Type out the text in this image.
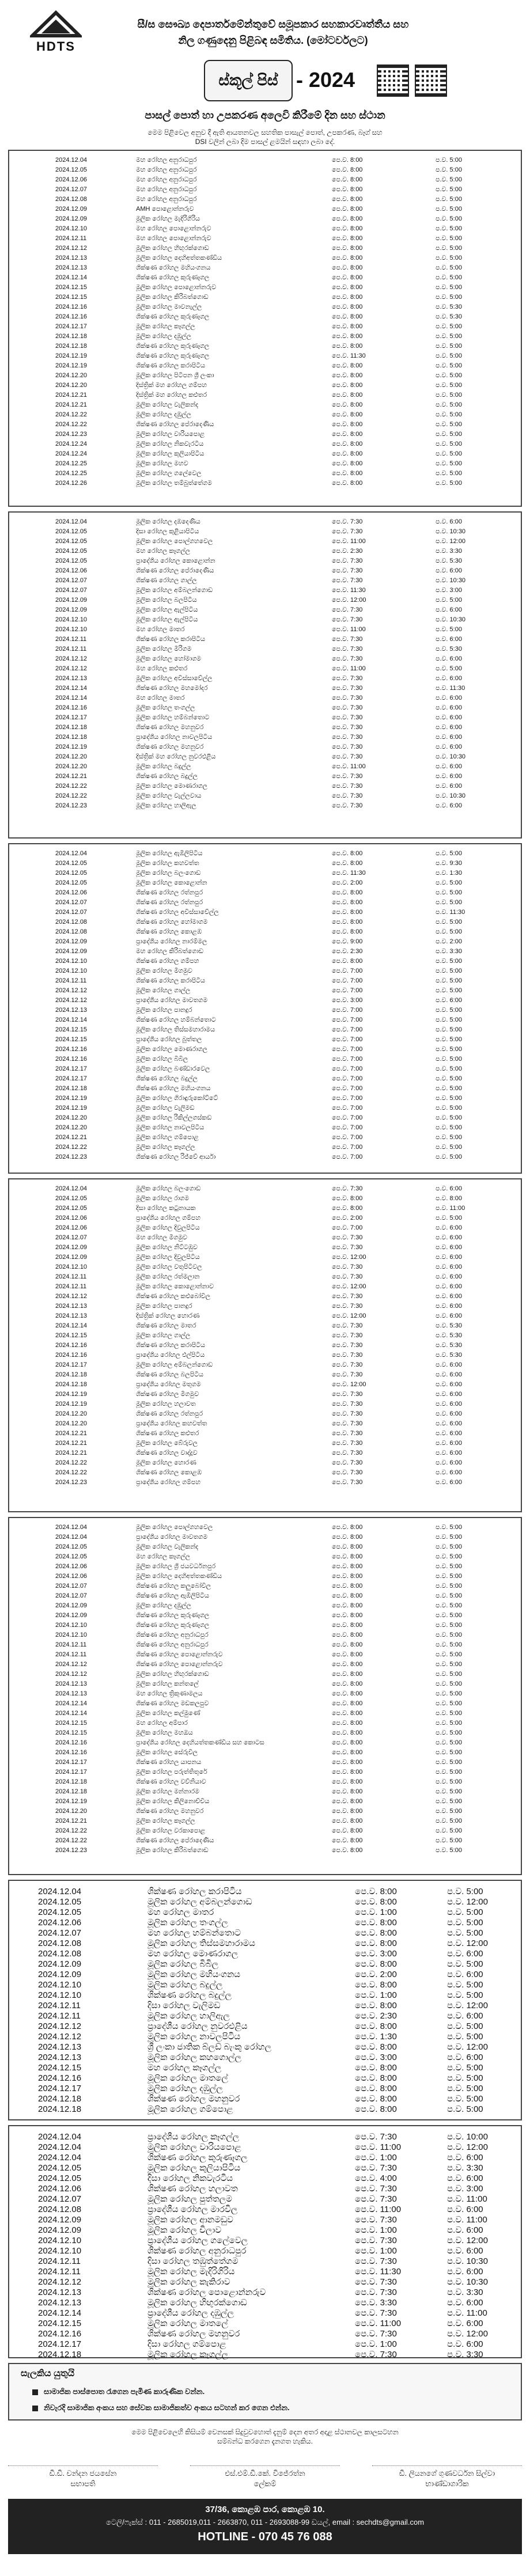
HDTS
සී/ස සෞඛ්‍ය දෙපාර්තමේන්තුවේ සමූපකාර සහකාරවෘත්තීය සහ
නිල ගණුදෙනු පිළිබඳ සමිතිය. (මෝටර්වලට)
ස්කූල් පිස් - 2024
පාසල් පොත් හා උපකරණ අලෙවි කිරීමේ දින සහ ස්ථාන
මෙම පිළිවෙල අනුව දී ඇති ආයතනවල සහතික පාසැල් පොත්, උපකරණ, බෑග් සහ
DSI වලින් ලබා දිම පාසල් ළමයින් සඳහා ලබා දේ.
2024.12.04	මහ රෝහල අනුරාධපුර	පෙ.ව. 8:00	ප.ව. 5:00
2024.12.05	මහ රෝහල අනුරාධපුර	පෙ.ව. 8:00	ප.ව. 5:00
2024.12.06	මහ රෝහල අනුරාධපුර	පෙ.ව. 8:00	ප.ව. 5:00
2024.12.07	මහ රෝහල අනුරාධපුර	පෙ.ව. 8:00	ප.ව. 5:00
2024.12.08	මහ රෝහල අනුරාධපුර	පෙ.ව. 8:00	ප.ව. 5:00
2024.12.09	AMH පොළොන්නරුව	පෙ.ව. 8:00	ප.ව. 5:00
2024.12.09	මූලික රෝහල මැදිරිගිරිය	පෙ.ව. 8:00	ප.ව. 5:00
2024.12.10	මහ රෝහල පොළොන්නරුව	පෙ.ව. 8:00	ප.ව. 5:00
2024.12.11	මහ රෝහල පොළොන්නරුව	පෙ.ව. 8:00	ප.ව. 5:00
2024.12.12	මූලික රෝහල හිඟුරක්ගොඩ	පෙ.ව. 8:00	ප.ව. 5:00
2024.12.13	මූලික රෝහල දෙහිඅත්තකණ්ඩිය	පෙ.ව. 8:00	ප.ව. 5:00
2024.12.13	ශික්ෂණ රෝහල මහියංගනය	පෙ.ව. 8:00	ප.ව. 5:00
2024.12.14	ශික්ෂණ රෝහල කුරුණෑගල	පෙ.ව. 8:00	ප.ව. 5:00
2024.12.15	මූලික රෝහල පොළොන්නරුව	පෙ.ව. 8:00	ප.ව. 5:00
2024.12.15	මූලික රෝහල කිරිබත්ගොඩ	පෙ.ව. 8:00	ප.ව. 5:00
2024.12.16	මූලික රෝහල මාවනැල්ල	පෙ.ව. 8:00	ප.ව. 5:30
2024.12.16	ශික්ෂණ රෝහල කුරුණෑගල	පෙ.ව. 8:00	ප.ව. 5:30
2024.12.17	මූලික රෝහල කෑගල්ල	පෙ.ව. 8:00	ප.ව. 5:00
2024.12.18	මූලික රෝහල දඹුල්ල	පෙ.ව. 8:00	ප.ව. 5:00
2024.12.18	ශික්ෂණ රෝහල කුරුණෑගල	පෙ.ව. 8:00	ප.ව. 5:00
2024.12.19	ශික්ෂණ රෝහල කුරුණෑගල	පෙ.ව. 11:30	ප.ව. 5:00
2024.12.19	ශික්ෂණ රෝහල කරාපිටිය	පෙ.ව. 8:00	ප.ව. 5:00
2024.12.20	මූලික රෝහල පිටිපන ශ්‍රී ලංකා	පෙ.ව. 8:00	ප.ව. 5:00
2024.12.20	දිස්ත්‍රික් මහ රෝහල ගම්පහ	පෙ.ව. 8:00	ප.ව. 5:00
2024.12.21	දිස්ත්‍රික් මහ රෝහල කළුතර	පෙ.ව. 8:00	ප.ව. 5:00
2024.12.21	මූලික රෝහල වැලිකන්ද	පෙ.ව. 8:00	ප.ව. 5:00
2024.12.22	මූලික රෝහල දඹුල්ල	පෙ.ව. 8:00	ප.ව. 5:00
2024.12.22	ශික්ෂණ රෝහල පේරාදෙණිය	පෙ.ව. 8:00	ප.ව. 5:00
2024.12.23	මූලික රෝහල වාරියපොළ	පෙ.ව. 8:00	ප.ව. 5:00
2024.12.24	මූලික රෝහල නිකවැරටිය	පෙ.ව. 8:00	ප.ව. 5:00
2024.12.24	මූලික රෝහල කුලියාපිටිය	පෙ.ව. 8:00	ප.ව. 5:00
2024.12.25	මූලික රෝහල මහව	පෙ.ව. 8:00	ප.ව. 5:00
2024.12.25	මූලික රෝහල ගලේවෙල	පෙ.ව. 8:00	ප.ව. 5:00
2024.12.26	මූලික රෝහල තම්බුත්තේගම	පෙ.ව. 8:00	ප.ව. 5:00
2024.12.04	මූලික රෝහල දඹදෙණිය	පෙ.ව. 7:30	ප.ව. 6:00
2024.12.05	දිසා රෝහල කුළියාපිටිය	පෙ.ව. 7:30	ප.ව. 10:30
2024.12.05	මූලික රෝහල පොල්ගහවෙල	පෙ.ව. 11:00	ප.ව. 12:00
2024.12.05	මහ රෝහල කෑගල්ල	පෙ.ව. 2:30	ප.ව. 3:30
2024.12.05	ප්‍රාදේශීය රෝහල කොළොන්න	පෙ.ව. 7:30	ප.ව. 5:30
2024.12.06	ශික්ෂණ රෝහල පේරාදෙණිය	පෙ.ව. 7:30	ප.ව. 6:00
2024.12.07	ශික්ෂණ රෝහල ගාල්ල	පෙ.ව. 7:30	ප.ව. 10:30
2024.12.07	මූලික රෝහල අම්බලන්ගොඩ	පෙ.ව. 11:30	ප.ව. 3:00
2024.12.09	මූලික රෝහල බලපිටිය	පෙ.ව. 12:00	ප.ව. 5:00
2024.12.09	මූලික රෝහල ඇල්පිටිය	පෙ.ව. 7:30	ප.ව. 6:00
2024.12.10	මූලික රෝහල ඇල්පිටිය	පෙ.ව. 7:30	ප.ව. 10:30
2024.12.10	මහ රෝහල මාතර	පෙ.ව. 11:00	ප.ව. 5:00
2024.12.11	ශික්ෂණ රෝහල කරාපිටිය	පෙ.ව. 7:30	ප.ව. 6:00
2024.12.11	මූලික රෝහල මීරිගම	පෙ.ව. 7:30	ප.ව. 5:30
2024.12.12	මූලික රෝහල හෝමාගම	පෙ.ව. 7:30	ප.ව. 6:00
2024.12.12	මහ රෝහල කළුතර	පෙ.ව. 11:00	ප.ව. 5:00
2024.12.13	මූලික රෝහල අවිස්සාවේල්ල	පෙ.ව. 7:30	ප.ව. 6:00
2024.12.14	ශික්ෂණ රෝහල මහමෝදර	පෙ.ව. 7:30	ප.ව. 11:30
2024.12.14	මහ රෝහල මාතර	පෙ.ව. 7:30	ප.ව. 6:00
2024.12.16	මූලික රෝහල තංගල්ල	පෙ.ව. 7:30	ප.ව. 6:00
2024.12.17	මූලික රෝහල හම්බන්තොට	පෙ.ව. 7:30	ප.ව. 6:00
2024.12.18	ශික්ෂණ රෝහල මහනුවර	පෙ.ව. 7:30	ප.ව. 6:00
2024.12.18	ප්‍රාදේශීය රෝහල නාවලපිටිය	පෙ.ව. 7:30	ප.ව. 6:00
2024.12.19	ශික්ෂණ රෝහල මහනුවර	පෙ.ව. 7:30	ප.ව. 6:00
2024.12.20	දිස්ත්‍රික් මහ රෝහල නුවරඑළිය	පෙ.ව. 7:30	ප.ව. 10:30
2024.12.20	මූලික රෝහල බදුල්ල	පෙ.ව. 11:00	ප.ව. 6:00
2024.12.21	ශික්ෂණ රෝහල බදුල්ල	පෙ.ව. 7:30	ප.ව. 6:00
2024.12.22	මූලික රෝහල මොණරාගල	පෙ.ව. 7:30	ප.ව. 6:00
2024.12.22	මූලික රෝහල වැල්ලවාය	පෙ.ව. 7:30	ප.ව. 10:30
2024.12.23	මූලික රෝහල හාලිඇල	පෙ.ව. 7:30	ප.ව. 6:00
2024.12.04	මූලික රෝහල ඇඹිලිපිටිය	පෙ.ව. 8:00	ප.ව. 5:00
2024.12.05	මූලික රෝහල කහවත්ත	පෙ.ව. 8:00	ප.ව. 9:30
2024.12.05	මූලික රෝහල බලංගොඩ	පෙ.ව. 11:30	ප.ව. 1:30
2024.12.05	මූලික රෝහල කොළොන්න	පෙ.ව. 2:00	ප.ව. 5:00
2024.12.06	ශික්ෂණ රෝහල රත්නපුර	පෙ.ව. 8:00	ප.ව. 5:00
2024.12.07	ශික්ෂණ රෝහල රත්නපුර	පෙ.ව. 8:00	ප.ව. 5:00
2024.12.07	ශික්ෂණ රෝහල අවිස්සාවේල්ල	පෙ.ව. 8:00	ප.ව. 11:30
2024.12.08	ශික්ෂණ රෝහල හෝමාගම	පෙ.ව. 8:00	ප.ව. 5:00
2024.12.08	ශික්ෂණ රෝහල කොළඹ	පෙ.ව. 8:00	ප.ව. 5:00
2024.12.09	ප්‍රාදේශීය රෝහල නාරම්මල	පෙ.ව. 9:00	ප.ව. 2:00
2024.12.09	මහ රෝහල කිරිබත්ගොඩ	පෙ.ව. 2:30	ප.ව. 3:30
2024.12.10	ශික්ෂණ රෝහල ගම්පහ	පෙ.ව. 8:00	ප.ව. 5:00
2024.12.10	මූලික රෝහල මීගමුව	පෙ.ව. 7:00	ප.ව. 5:00
2024.12.11	ශික්ෂණ රෝහල කරාපිටිය	පෙ.ව. 7:00	ප.ව. 5:00
2024.12.12	මූලික රෝහල ගාල්ල	පෙ.ව. 7:00	ප.ව. 5:00
2024.12.12	ප්‍රාදේශීය රෝහල මාවතගම	පෙ.ව. 3:00	ප.ව. 6:00
2024.12.13	මූලික රෝහල පානදුර	පෙ.ව. 7:00	ප.ව. 5:00
2024.12.14	ශික්ෂණ රෝහල හම්බන්තොට	පෙ.ව. 7:00	ප.ව. 5:00
2024.12.15	මූලික රෝහල තිස්සමහාරාමය	පෙ.ව. 7:00	ප.ව. 5:00
2024.12.15	ප්‍රාදේශීය රෝහල බුත්තල	පෙ.ව. 7:00	ප.ව. 5:00
2024.12.16	මූලික රෝහල මොණරාගල	පෙ.ව. 7:00	ප.ව. 5:00
2024.12.16	මූලික රෝහල බිබිල	පෙ.ව. 7:00	ප.ව. 5:00
2024.12.17	මූලික රෝහල බණ්ඩාරවෙල	පෙ.ව. 7:00	ප.ව. 5:00
2024.12.17	ශික්ෂණ රෝහල බදුල්ල	පෙ.ව. 7:00	ප.ව. 5:00
2024.12.18	ශික්ෂණ රෝහල මහියංගනය	පෙ.ව. 7:00	ප.ව. 5:00
2024.12.19	මූලික රෝහල ගිරාඳුරුකෝට්ටේ	පෙ.ව. 7:00	ප.ව. 5:00
2024.12.19	මූලික රෝහල වැලිමඩ	පෙ.ව. 7:00	ප.ව. 5:00
2024.12.20	මූලික රෝහල රිකිල්ලගස්කඩ	පෙ.ව. 7:00	ප.ව. 5:00
2024.12.20	මූලික රෝහල නාවලපිටිය	පෙ.ව. 7:00	ප.ව. 5:00
2024.12.21	මූලික රෝහල ගම්පොළ	පෙ.ව. 7:00	ප.ව. 5:00
2024.12.22	මූලික රෝහල කෑගල්ල	පෙ.ව. 7:00	ප.ව. 5:00
2024.12.23	ශික්ෂණ රෝහල රිජ්වේ ආර්යා	පෙ.ව. 7:00	ප.ව. 5:00
2024.12.04	මූලික රෝහල බලංගොඩ	පෙ.ව. 7:30	ප.ව. 6:00
2024.12.05	මූලික රෝහල රාගම	පෙ.ව. 8:00	ප.ව. 8:00
2024.12.05	දිසා රෝහල කටුනායක	පෙ.ව. 8:00	ප.ව. 11:00
2024.12.06	ප්‍රාදේශීය රෝහල ගම්පහ	පෙ.ව. 2:00	ප.ව. 5:00
2024.12.06	මූලික රෝහල දිවුලපිටිය	පෙ.ව. 7:00	ප.ව. 6:00
2024.12.07	මහ රෝහල මීගමුව	පෙ.ව. 7:30	ප.ව. 6:00
2024.12.09	මූලික රෝහල නිට්ටඹුව	පෙ.ව. 7:30	ප.ව. 6:00
2024.12.09	මූලික රෝහල දිවුලපිටිය	පෙ.ව. 12:00	ප.ව. 6:00
2024.12.10	මූලික රෝහල වතුපිටිවල	පෙ.ව. 7:30	ප.ව. 6:00
2024.12.11	මූලික රෝහල රත්මලාන	පෙ.ව. 7:30	ප.ව. 6:00
2024.12.11	මූලික රෝහල කොළොන්නාව	පෙ.ව. 12:00	ප.ව. 6:00
2024.12.12	ශික්ෂණ රෝහල කළුබෝවිල	පෙ.ව. 7:30	ප.ව. 6:00
2024.12.13	මූලික රෝහල පානදුර	පෙ.ව. 7:30	ප.ව. 6:00
2024.12.13	දිස්ත්‍රික් රෝහල හොරණ	පෙ.ව. 12:00	ප.ව. 6:00
2024.12.14	ශික්ෂණ රෝහල මාතර	පෙ.ව. 7:30	ප.ව. 5:30
2024.12.15	මූලික රෝහල ගාල්ල	පෙ.ව. 7:30	ප.ව. 5:30
2024.12.16	ශික්ෂණ රෝහල කරාපිටිය	පෙ.ව. 7:30	ප.ව. 5:30
2024.12.16	ප්‍රාදේශීය රෝහල එල්පිටිය	පෙ.ව. 7:30	ප.ව. 5:30
2024.12.17	මූලික රෝහල අම්බලන්ගොඩ	පෙ.ව. 7:30	ප.ව. 6:00
2024.12.18	ශික්ෂණ රෝහල බලපිටිය	පෙ.ව. 7:30	ප.ව. 6:00
2024.12.18	ප්‍රාදේශීය රෝහල මතුගම	පෙ.ව. 12:00	ප.ව. 6:00
2024.12.19	ශික්ෂණ රෝහල මීගමුව	පෙ.ව. 7:30	ප.ව. 6:00
2024.12.19	මූලික රෝහල හලාවත	පෙ.ව. 7:30	ප.ව. 6:00
2024.12.20	ශික්ෂණ රෝහල රත්නපුර	පෙ.ව. 7:30	ප.ව. 6:00
2024.12.20	ප්‍රාදේශීය රෝහල කහවත්ත	පෙ.ව. 7:30	ප.ව. 6:00
2024.12.21	ශික්ෂණ රෝහල කළුතර	පෙ.ව. 7:30	ප.ව. 6:00
2024.12.21	මූලික රෝහල බේරුවල	පෙ.ව. 7:30	ප.ව. 6:00
2024.12.21	ශික්ෂණ රෝහල වාද්දුව	පෙ.ව. 7:30	ප.ව. 6:00
2024.12.22	මූලික රෝහල හොරණ	පෙ.ව. 7:30	ප.ව. 6:00
2024.12.22	ශික්ෂණ රෝහල කොළඹ	පෙ.ව. 7:30	ප.ව. 6:00
2024.12.23	ප්‍රාදේශීය රෝහල ගම්පහ	පෙ.ව. 7:30	ප.ව. 6:00
2024.12.04	මූලික රෝහල පොල්ගහවෙල	පෙ.ව. 8:00	ප.ව. 5:00
2024.12.04	ප්‍රාදේශීය රෝහල මාවතගම	පෙ.ව. 8:00	ප.ව. 5:00
2024.12.05	මූලික රෝහල වැලිකන්ද	පෙ.ව. 8:00	ප.ව. 5:00
2024.12.05	මහ රෝහල කෑගල්ල	පෙ.ව. 8:00	ප.ව. 5:00
2024.12.06	මූලික රෝහල ශ්‍රී ජයවර්ධනපුර	පෙ.ව. 8:00	ප.ව. 5:00
2024.12.06	මූලික රෝහල දෙහිඅත්තකණ්ඩිය	පෙ.ව. 8:00	ප.ව. 5:00
2024.12.07	ශික්ෂණ රෝහල කලුබෝවිල	පෙ.ව. 8:00	ප.ව. 5:00
2024.12.07	ශික්ෂණ රෝහල ඇඹිලිපිටිය	පෙ.ව. 8:00	ප.ව. 5:00
2024.12.09	මූලික රෝහල දඹුල්ල	පෙ.ව. 8:00	ප.ව. 5:00
2024.12.09	ශික්ෂණ රෝහල කුරුණෑගල	පෙ.ව. 8:00	ප.ව. 5:00
2024.12.10	ශික්ෂණ රෝහල කුරුණෑගල	පෙ.ව. 8:00	ප.ව. 5:00
2024.12.10	ශික්ෂණ රෝහල අනුරාධපුර	පෙ.ව. 8:00	ප.ව. 5:00
2024.12.11	ශික්ෂණ රෝහල අනුරාධපුර	පෙ.ව. 8:00	ප.ව. 5:00
2024.12.11	ශික්ෂණ රෝහල පොළොන්නරුව	පෙ.ව. 8:00	ප.ව. 5:00
2024.12.12	ශික්ෂණ රෝහල පොළොන්නරුව	පෙ.ව. 8:00	ප.ව. 5:00
2024.12.12	මූලික රෝහල හිඟුරක්ගොඩ	පෙ.ව. 8:00	ප.ව. 5:00
2024.12.13	මූලික රෝහල කන්තලේ	පෙ.ව. 8:00	ප.ව. 5:00
2024.12.13	මහ රෝහල ත්‍රිකුණාමලය	පෙ.ව. 8:00	ප.ව. 5:00
2024.12.14	ශික්ෂණ රෝහල මඩකලපුව	පෙ.ව. 8:00	ප.ව. 5:00
2024.12.14	මූලික රෝහල කල්මුණේ	පෙ.ව. 8:00	ප.ව. 5:00
2024.12.15	මහ රෝහල අම්පාර	පෙ.ව. 8:00	ප.ව. 5:00
2024.12.15	මූලික රෝහල මහඔය	පෙ.ව. 8:00	ප.ව. 5:00
2024.12.16	ප්‍රාදේශීය රෝහල දෙහියත්තකණ්ඩිය සහ කොටස	පෙ.ව. 8:00	ප.ව. 5:00
2024.12.16	මූලික රෝහල සේරුවිල	පෙ.ව. 8:00	ප.ව. 5:00
2024.12.17	ශික්ෂණ රෝහල යාපනය	පෙ.ව. 8:00	ප.ව. 5:00
2024.12.17	මූලික රෝහල පරුත්තිතුරේ	පෙ.ව. 8:00	ප.ව. 5:00
2024.12.18	ශික්ෂණ රෝහල වව්නියාව	පෙ.ව. 8:00	ප.ව. 5:00
2024.12.18	මූලික රෝහල මන්නාරම	පෙ.ව. 8:00	ප.ව. 5:00
2024.12.19	මූලික රෝහල කිලිනොච්චිය	පෙ.ව. 8:00	ප.ව. 5:00
2024.12.20	ශික්ෂණ රෝහල මහනුවර	පෙ.ව. 8:00	ප.ව. 5:00
2024.12.21	මූලික රෝහල කෑගල්ල	පෙ.ව. 8:00	ප.ව. 5:00
2024.12.22	මූලික රෝහල වරකාපොළ	පෙ.ව. 8:00	ප.ව. 5:00
2024.12.22	ශික්ෂණ රෝහල පේරාදෙණිය	පෙ.ව. 8:00	ප.ව. 5:00
2024.12.23	මූලික රෝහල කිරිබත්ගොඩ	පෙ.ව. 8:00	ප.ව. 5:00
2024.12.04	ශික්ෂණ රෝහල කරාපිටිය	පෙ.ව. 8:00	ප.ව. 5:00
2024.12.05	මූලික රෝහල අම්බලන්ගොඩ	පෙ.ව. 8:00	ප.ව. 12:00
2024.12.05	මහ රෝහල මාතර	පෙ.ව. 1:00	ප.ව. 5:00
2024.12.06	මූලික රෝහල තංගල්ල	පෙ.ව. 8:00	ප.ව. 5:00
2024.12.07	මහ රෝහල හම්බන්තොට	පෙ.ව. 8:00	ප.ව. 5:00
2024.12.08	මූලික රෝහල තිස්සමහාරාමය	පෙ.ව. 8:00	ප.ව. 12:00
2024.12.08	මහ රෝහල මොණරාගල	පෙ.ව. 3:00	ප.ව. 6:00
2024.12.09	මූලික රෝහල බිබිල	පෙ.ව. 8:00	ප.ව. 5:00
2024.12.09	මූලික රෝහල මහියංගනය	පෙ.ව. 2:00	ප.ව. 6:00
2024.12.10	මූලික රෝහල බදුල්ල	පෙ.ව. 8:00	ප.ව. 5:00
2024.12.10	ශික්ෂණ රෝහල බදුල්ල	පෙ.ව. 1:00	ප.ව. 5:00
2024.12.11	දිසා රෝහල වැලිමඩ	පෙ.ව. 8:00	ප.ව. 12:00
2024.12.11	මූලික රෝහල හාලිඇල	පෙ.ව. 2:30	ප.ව. 6:00
2024.12.12	ප්‍රාදේශීය රෝහල නුවරඑළිය	පෙ.ව. 8:00	ප.ව. 5:00
2024.12.12	මූලික රෝහල නාවලපිටිය	පෙ.ව. 1:30	ප.ව. 5:00
2024.12.13	ශ්‍රී ලංකා ජාතික බ්ලඩ් බැංකු රෝහල	පෙ.ව. 8:00	ප.ව. 12:00
2024.12.13	මූලික රෝහල කහගොල්ල	පෙ.ව. 3:00	ප.ව. 6:00
2024.12.15	මහ රෝහල කෑගල්ල	පෙ.ව. 8:00	ප.ව. 5:00
2024.12.16	මූලික රෝහල මාතලේ	පෙ.ව. 8:00	ප.ව. 5:00
2024.12.17	මූලික රෝහල දඹුල්ල	පෙ.ව. 8:00	ප.ව. 5:00
2024.12.18	ශික්ෂණ රෝහල මහනුවර	පෙ.ව. 8:00	ප.ව. 5:00
2024.12.18	මූලික රෝහල ගම්පොළ	පෙ.ව. 8:00	ප.ව. 5:00
2024.12.04	ප්‍රාදේශීය රෝහල කෑගල්ල	පෙ.ව. 7:30	ප.ව. 10:00
2024.12.04	මූලික රෝහල වාරියපොළ	පෙ.ව. 11:00	ප.ව. 12:00
2024.12.04	ශික්ෂණ රෝහල කුරුණෑගල	පෙ.ව. 1:00	ප.ව. 6:00
2024.12.05	මූලික රෝහල කුලියාපිටිය	පෙ.ව. 7:30	ප.ව. 3:30
2024.12.05	දිසා රෝහල නිකවැරටිය	පෙ.ව. 4:00	ප.ව. 6:00
2024.12.06	ශික්ෂණ රෝහල හලාවත	පෙ.ව. 7:30	ප.ව. 3:00
2024.12.07	මූලික රෝහල පුත්තලම	පෙ.ව. 7:30	ප.ව. 11:00
2024.12.08	ප්‍රාදේශීය රෝහල මාරවිල	පෙ.ව. 11:00	ප.ව. 6:00
2024.12.09	මූලික රෝහල ආනමඩුව	පෙ.ව. 7:30	ප.ව. 11:00
2024.12.09	මූලික රෝහල චිලාව	පෙ.ව. 1:00	ප.ව. 6:00
2024.12.10	ප්‍රාදේශීය රෝහල ගලේවෙල	පෙ.ව. 7:30	ප.ව. 12:00
2024.12.10	ශික්ෂණ රෝහල අනුරාධපුර	පෙ.ව. 1:00	ප.ව. 6:00
2024.12.11	දිසා රෝහල තඹුත්තේගම	පෙ.ව. 7:30	ප.ව. 10:30
2024.12.11	මූලික රෝහල මැදිරිගිරිය	පෙ.ව. 11:30	ප.ව. 6:00
2024.12.12	මූලික රෝහල කැකිරාව	පෙ.ව. 7:30	ප.ව. 10:30
2024.12.13	ශික්ෂණ රෝහල පොළොන්නරුව	පෙ.ව. 7:30	ප.ව. 3:30
2024.12.13	මූලික රෝහල හිඟුරක්ගොඩ	පෙ.ව. 3:30	ප.ව. 6:00
2024.12.14	ප්‍රාදේශීය රෝහල දඹුල්ල	පෙ.ව. 7:30	ප.ව. 11:00
2024.12.15	මූලික රෝහල මාතලේ	පෙ.ව. 11:00	ප.ව. 6:00
2024.12.16	ශික්ෂණ රෝහල මහනුවර	පෙ.ව. 7:30	ප.ව. 12:00
2024.12.17	දිසා රෝහල ගම්පොළ	පෙ.ව. 1:00	ප.ව. 6:00
2024.12.18	මූලික රෝහල කෑගල්ල	පෙ.ව. 7:30	ප.ව. 3:30
සැලකිය යුතුයි
සාමාජික පාස්පොත රැගෙන පැමිණ කාරුණික වන්න.
නිවැරදි සාමාජික අංකය සහ සේවක සාමාජිකත්ව අංකය සටහන් කර ගෙන එන්න.
මෙම පිළිවෙලෙහි කිසියම් වෙනසක් සිදුවුවහොත් දැනුම් දෙන අතර අදාළ ස්ථානවල කාලසටහන
සම්බන්ධ කරගෙන දැනගත හැකිය.
ඩී.ඩී. චන්දන ජයසේන
සභාපති
එස්.එම්.ඩී.කේ. විජේරත්න
ලේකම්
ඩී. ලියනගේ ගුණවර්ධන සිල්වා
භාණ්ඩාගාරික
37/36, කොළඹ පාර, කොළඹ 10.
ටෙලි/ෆැක්ස් : 011 - 2685019,011 - 2663870, 011 - 2693088-99 ඩයල්, email : sechdts@gmail.com
HOTLINE - 070 45 76 088
